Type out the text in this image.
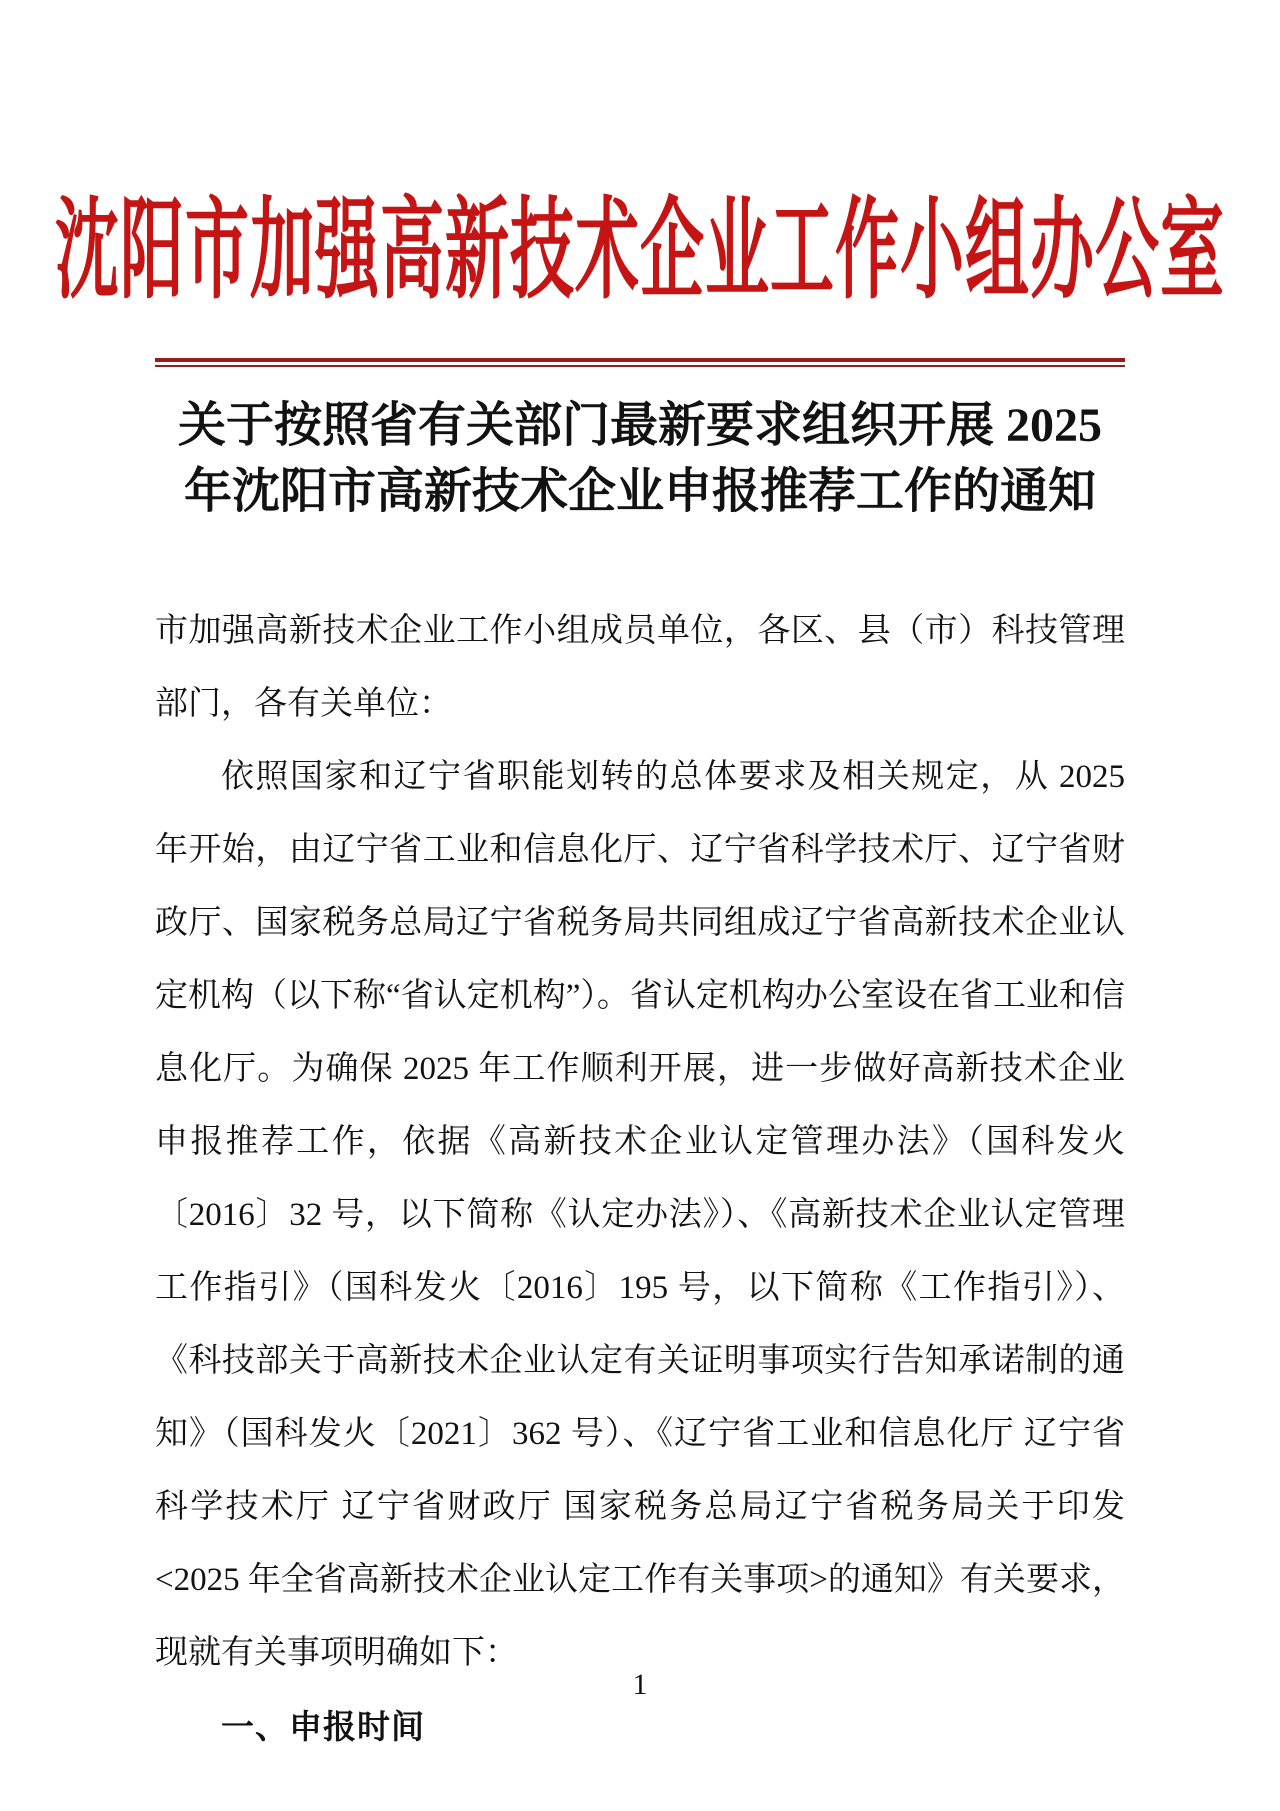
沈阳市加强高新技术企业工作小组办公室
关于按照省有关部门最新要求组织开展 2025
年沈阳市高新技术企业申报推荐工作的通知

市加强高新技术企业工作小组成员单位，各区、县（市）科技管理部门，各有关单位：

依照国家和辽宁省职能划转的总体要求及相关规定，从 2025 年开始，由辽宁省工业和信息化厅、辽宁省科学技术厅、辽宁省财政厅、国家税务总局辽宁省税务局共同组成辽宁省高新技术企业认定机构（以下称“省认定机构”）。省认定机构办公室设在省工业和信息化厅。为确保 2025 年工作顺利开展，进一步做好高新技术企业申报推荐工作，依据《高新技术企业认定管理办法》（国科发火〔2016〕32 号，以下简称《认定办法》）、《高新技术企业认定管理工作指引》（国科发火〔2016〕195 号，以下简称《工作指引》）、《科技部关于高新技术企业认定有关证明事项实行告知承诺制的通知》（国科发火〔2021〕362 号）、《辽宁省工业和信息化厅 辽宁省科学技术厅 辽宁省财政厅 国家税务总局辽宁省税务局关于印发<2025 年全省高新技术企业认定工作有关事项>的通知》有关要求，现就有关事项明确如下：

一、申报时间

1
